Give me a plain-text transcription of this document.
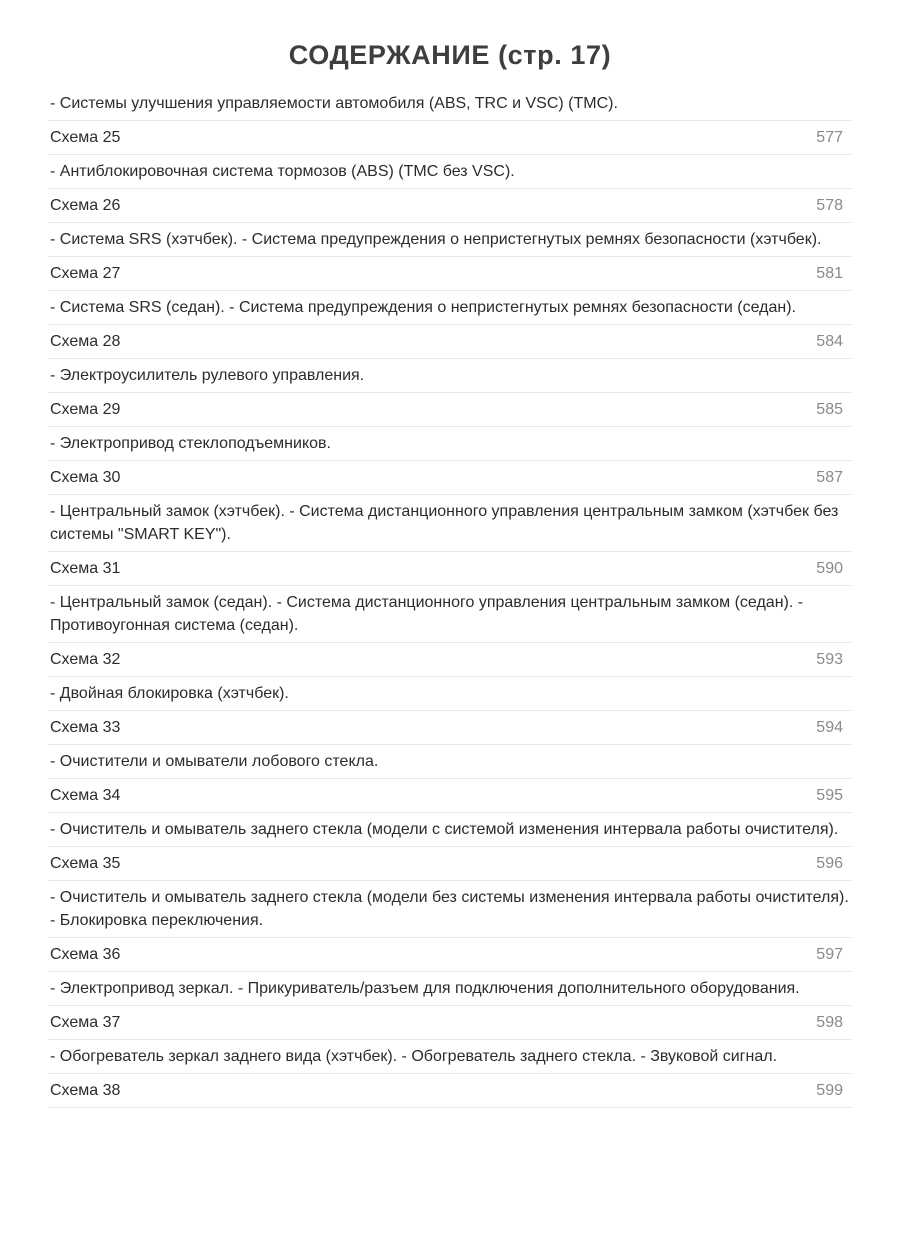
СОДЕРЖАНИЕ (стр. 17)
- Системы улучшения управляемости автомобиля (ABS, TRC и VSC) (TMC).
Схема 25	577
- Антиблокировочная система тормозов (ABS) (TMC без VSC).
Схема 26	578
- Система SRS (хэтчбек). - Система предупреждения о непристегнутых ремнях безопасности (хэтчбек).
Схема 27	581
- Система SRS (седан). - Система предупреждения о непристегнутых ремнях безопасности (седан).
Схема 28	584
- Электроусилитель рулевого управления.
Схема 29	585
- Электропривод стеклоподъемников.
Схема 30	587
- Центральный замок (хэтчбек). - Система дистанционного управления центральным замком (хэтчбек без системы "SMART KEY").
Схема 31	590
- Центральный замок (седан). - Система дистанционного управления центральным замком (седан). - Противоугонная система (седан).
Схема 32	593
- Двойная блокировка (хэтчбек).
Схема 33	594
- Очистители и омыватели лобового стекла.
Схема 34	595
- Очиститель и омыватель заднего стекла (модели с системой изменения интервала работы очистителя).
Схема 35	596
- Очиститель и омыватель заднего стекла (модели без системы изменения интервала работы очистителя). - Блокировка переключения.
Схема 36	597
- Электропривод зеркал. - Прикуриватель/разъем для подключения дополнительного оборудования.
Схема 37	598
- Обогреватель зеркал заднего вида (хэтчбек). - Обогреватель заднего стекла. - Звуковой сигнал.
Схема 38	599
